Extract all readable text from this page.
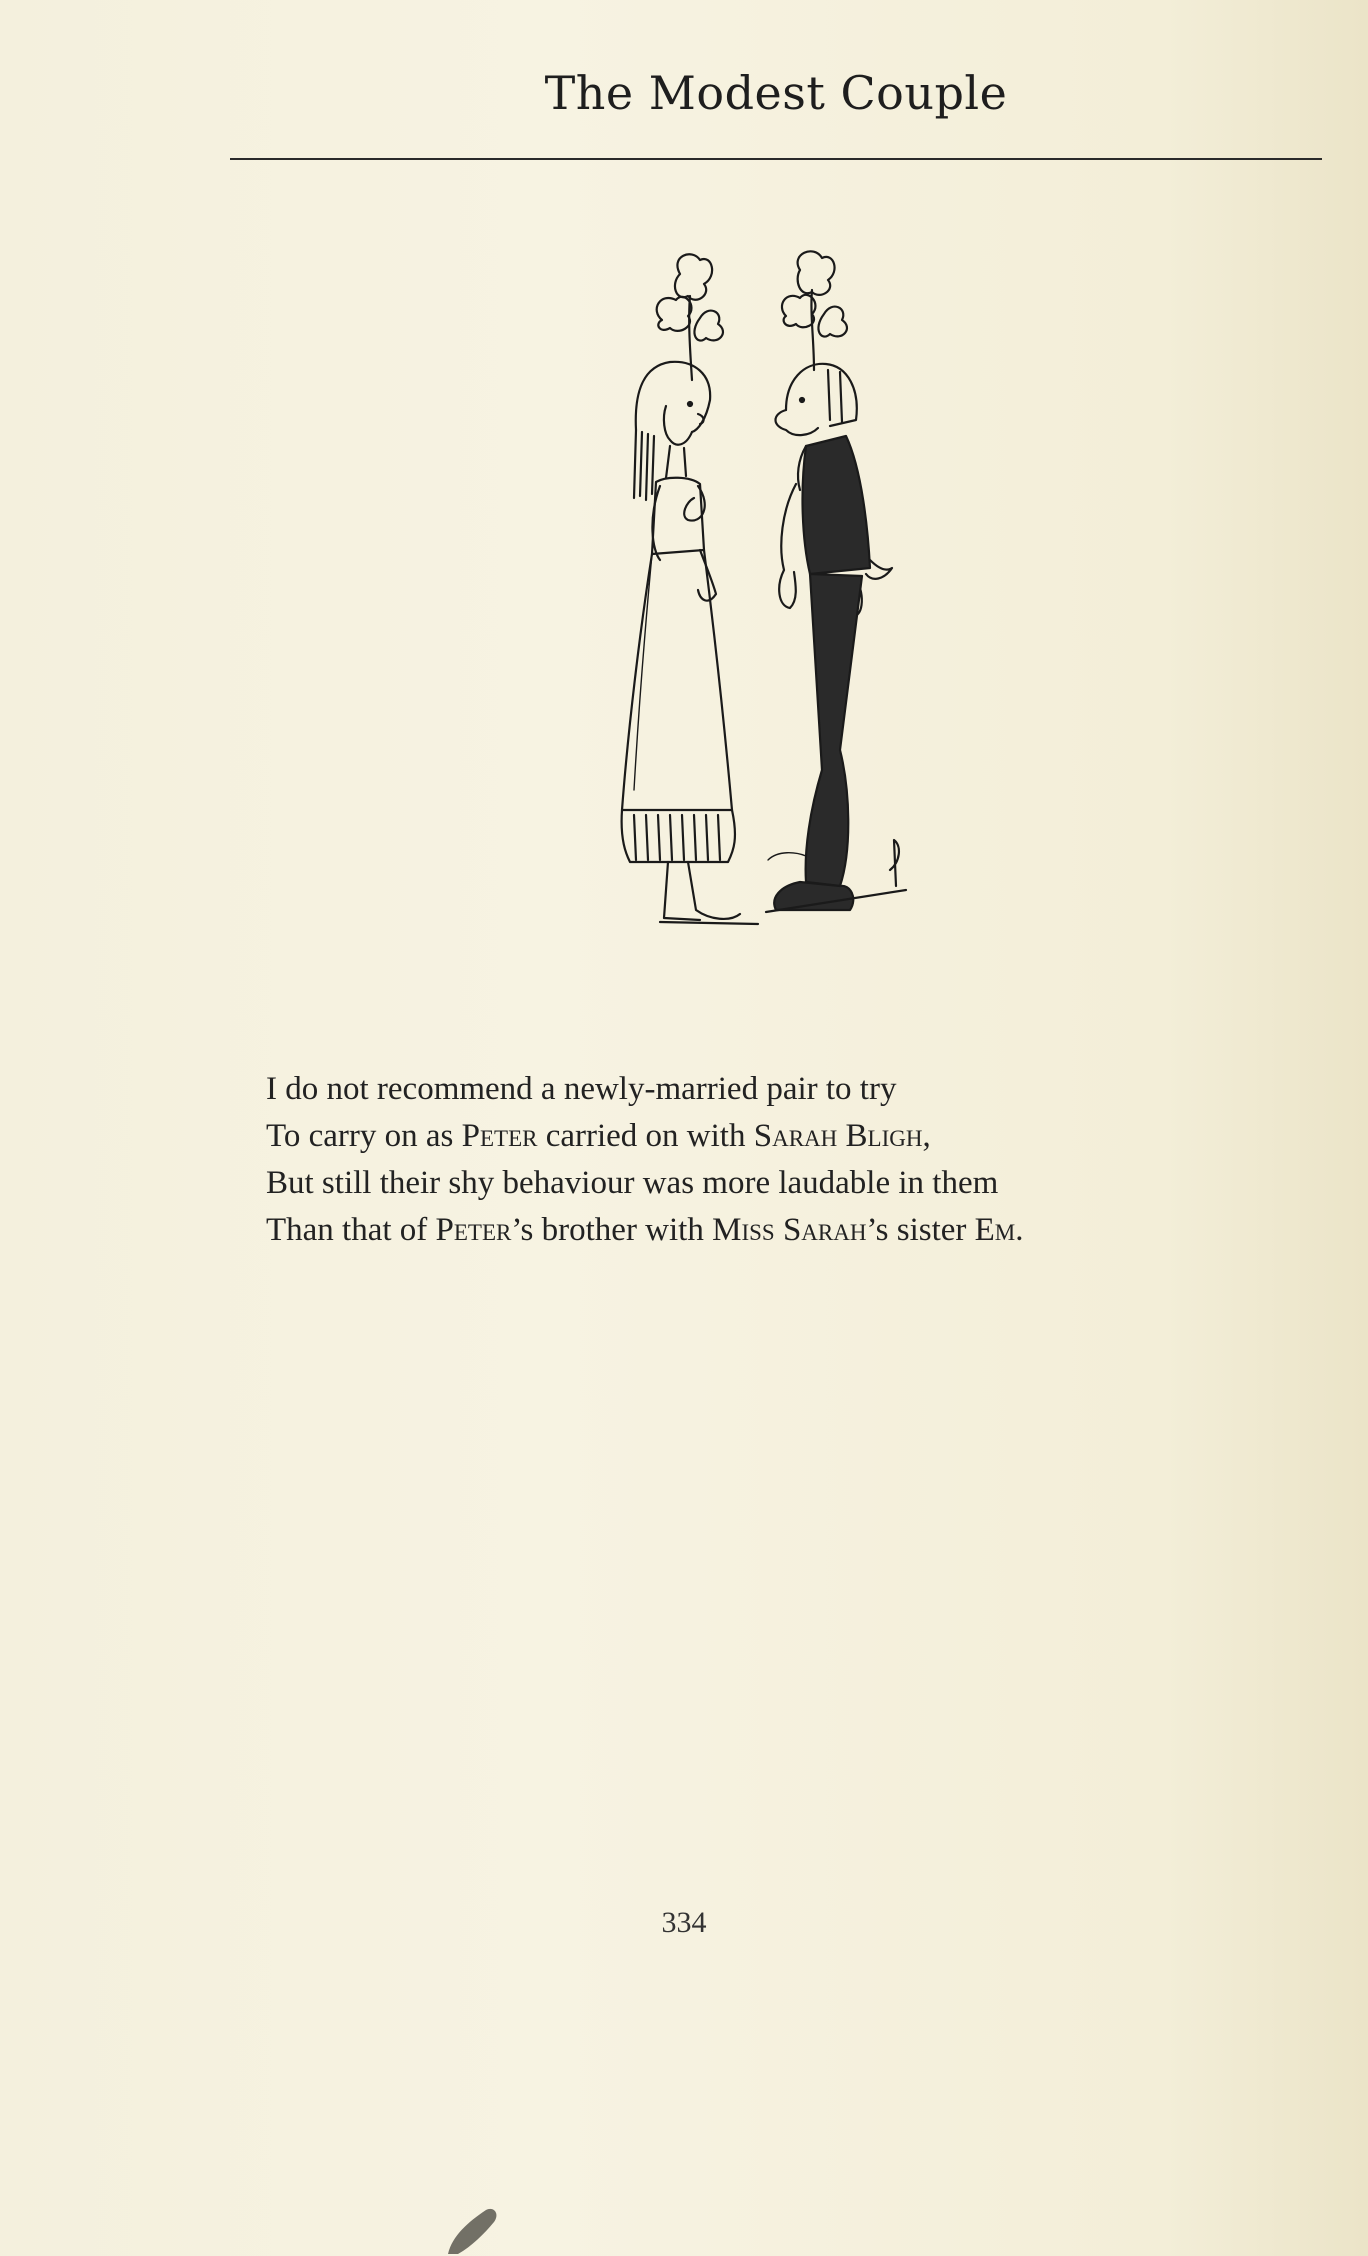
The Modest Couple
I do not recommend a newly-married pair to try
To carry on as Peter carried on with Sarah Bligh,
But still their shy behaviour was more laudable in them
Than that of Peter’s brother with Miss Sarah’s sister Em.
334
